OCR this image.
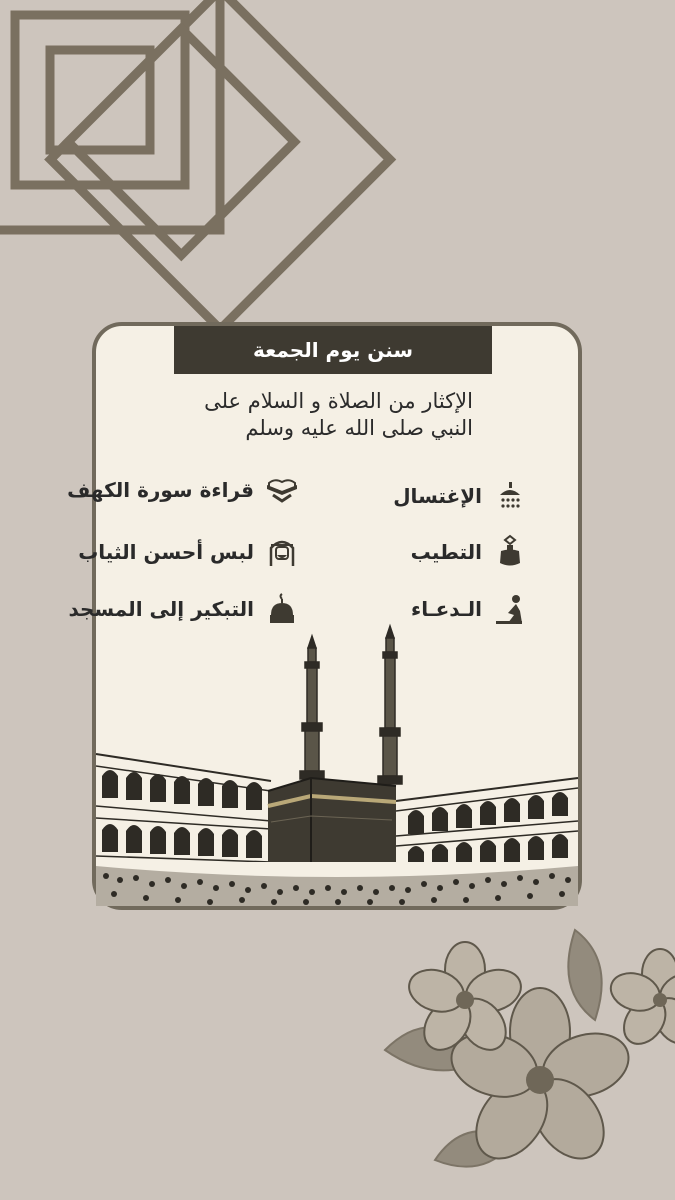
سنن يوم الجمعة
الإكثار من الصلاة و السلام على
النبي صلى الله عليه وسلم
الإغتسال
قراءة سورة الكهف
التطيب
لبس أحسن الثياب
الـدعـاء
التبكير إلى المسجد
